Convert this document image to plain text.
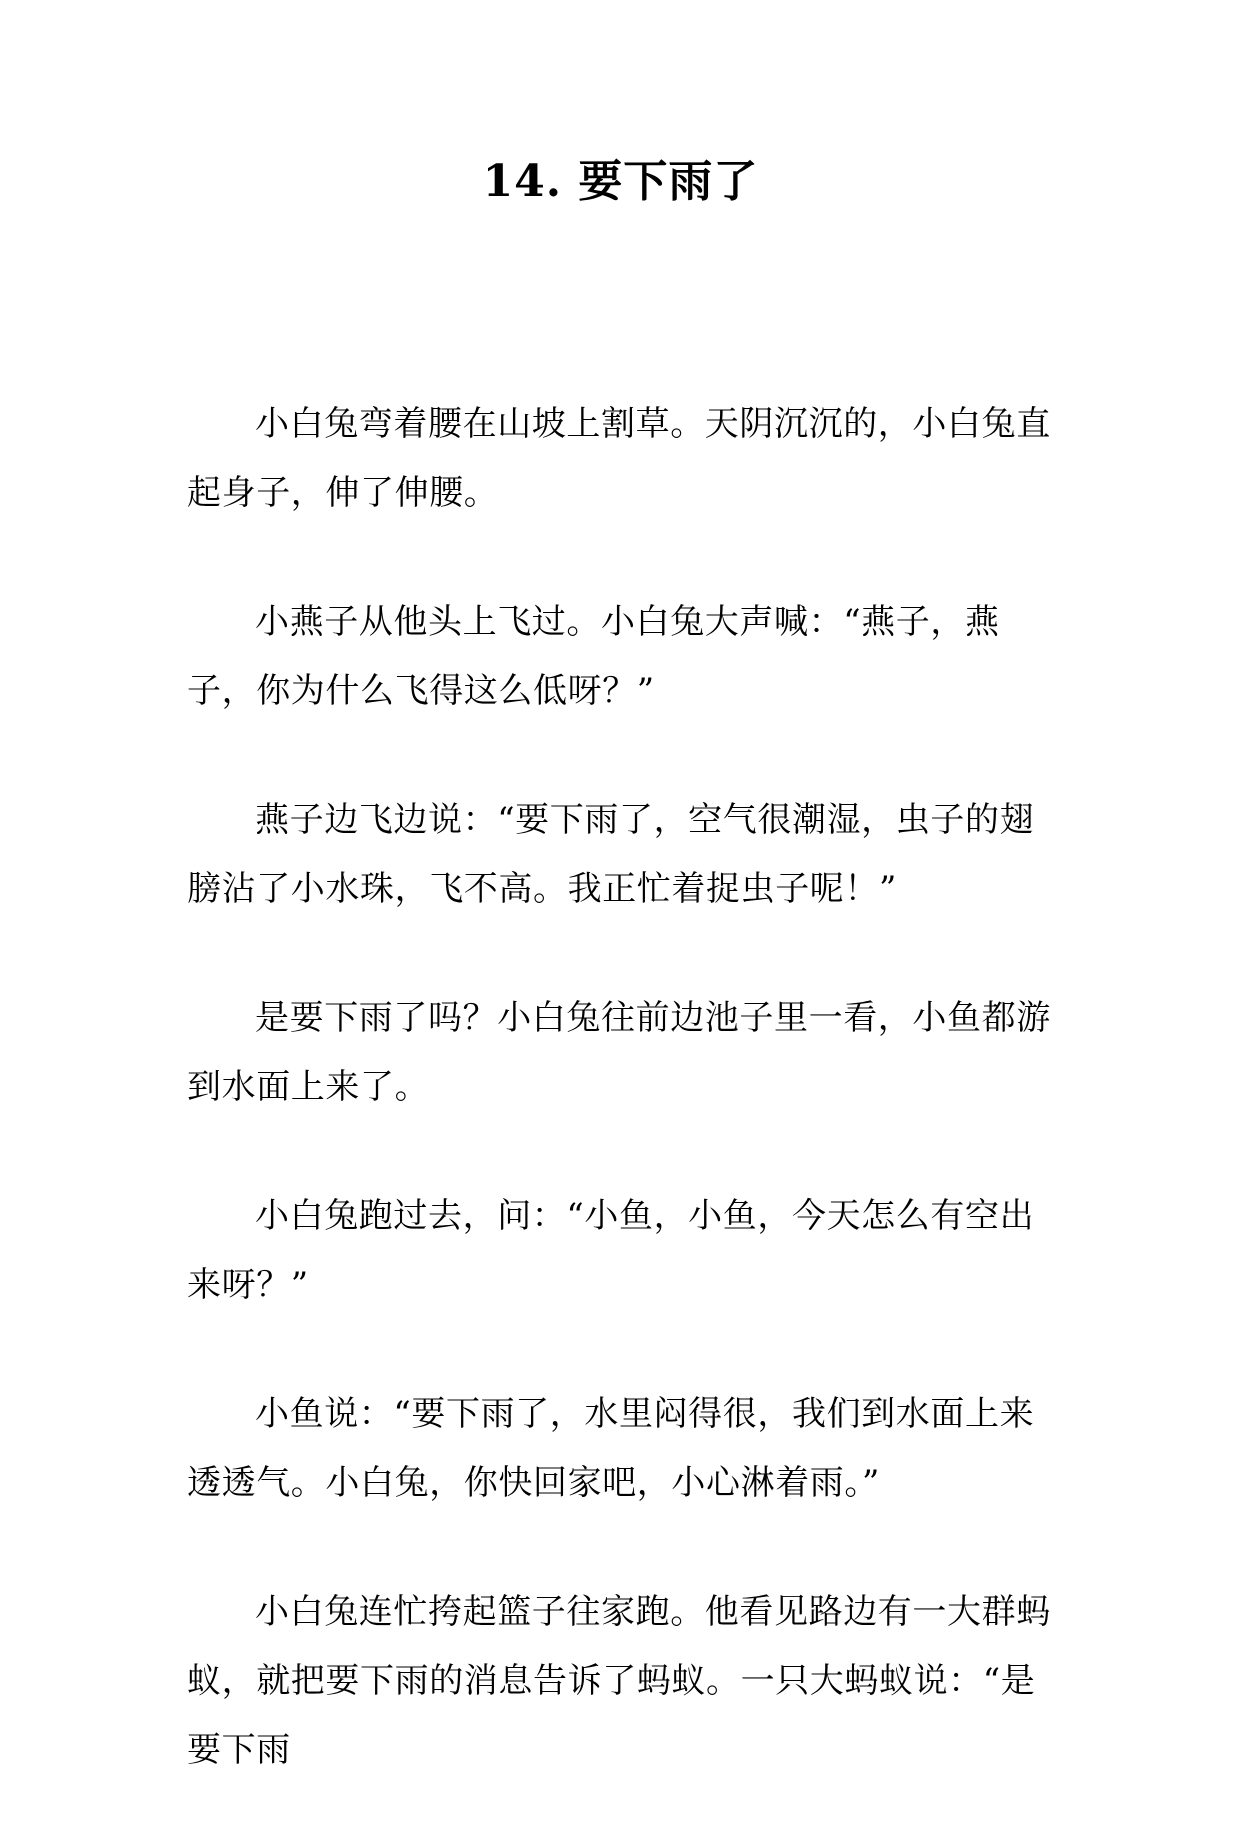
14. 要下雨了

小白兔弯着腰在山坡上割草。天阴沉沉的，小白兔直起身子，伸了伸腰。

小燕子从他头上飞过。小白兔大声喊：“燕子，燕子，你为什么飞得这么低呀？”

燕子边飞边说：“要下雨了，空气很潮湿，虫子的翅膀沾了小水珠，飞不高。我正忙着捉虫子呢！”

是要下雨了吗？小白兔往前边池子里一看，小鱼都游到水面上来了。

小白兔跑过去，问：“小鱼，小鱼，今天怎么有空出来呀？”

小鱼说：“要下雨了，水里闷得很，我们到水面上来透透气。小白兔，你快回家吧，小心淋着雨。”

小白兔连忙挎起篮子往家跑。他看见路边有一大群蚂蚁，就把要下雨的消息告诉了蚂蚁。一只大蚂蚁说：“是要下雨
